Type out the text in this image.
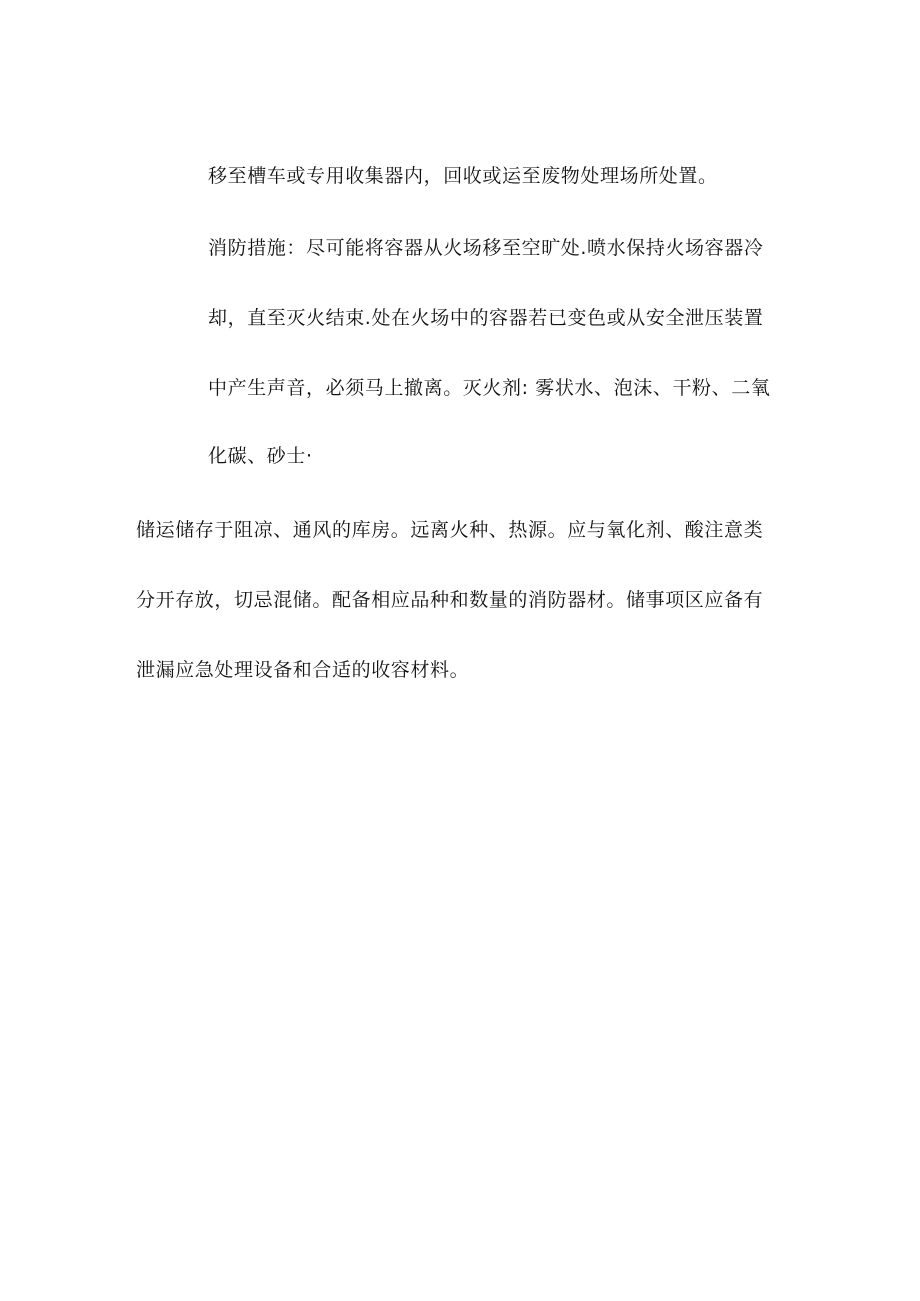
移至槽车或专用收集器内，回收或运至废物处理场所处置。
消防措施：尽可能将容器从火场移至空旷处.喷水保持火场容器冷
却，直至灭火结束.处在火场中的容器若已变色或从安全泄压装置
中产生声音，必须马上撤离。灭火剂: 雾状水、泡沫、干粉、二氧
化碳、砂士·
储运储存于阻凉、通风的库房。远离火种、热源。应与氧化剂、酸注意类
分开存放，切忌混储。配备相应品种和数量的消防器材。储事项区应备有
泄漏应急处理设备和合适的收容材料。
